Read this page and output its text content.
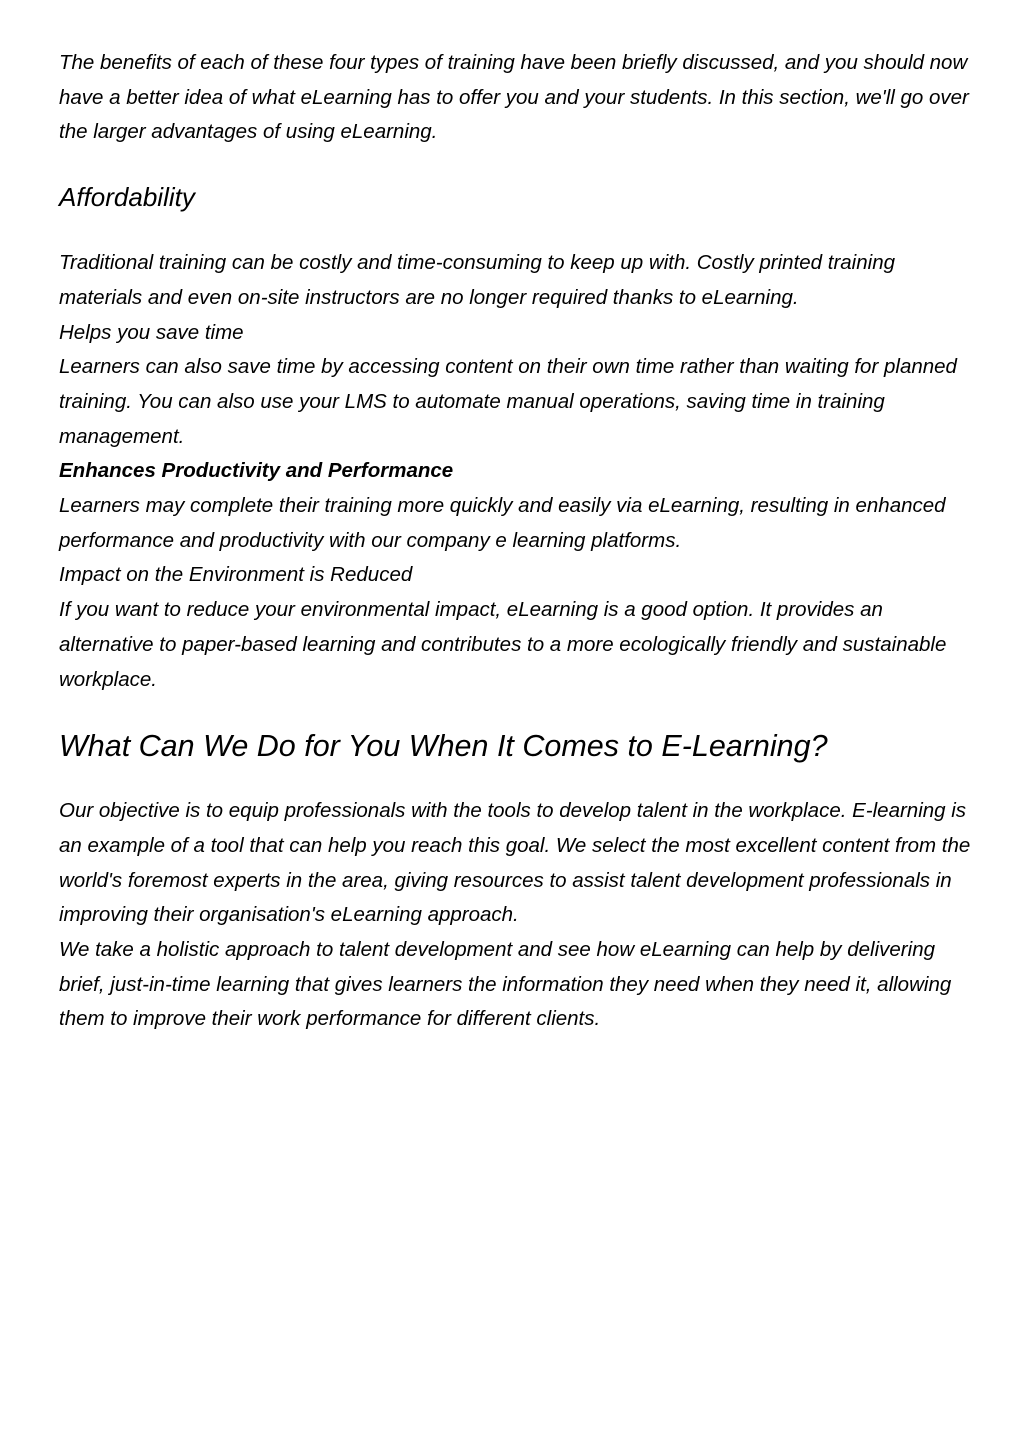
The benefits of each of these four types of training have been briefly discussed, and you should now have a better idea of what eLearning has to offer you and your students. In this section, we'll go over the larger advantages of using eLearning.

Affordability

Traditional training can be costly and time-consuming to keep up with. Costly printed training materials and even on-site instructors are no longer required thanks to eLearning.

Helps you save time

Learners can also save time by accessing content on their own time rather than waiting for planned training. You can also use your LMS to automate manual operations, saving time in training management.

Enhances Productivity and Performance

Learners may complete their training more quickly and easily via eLearning, resulting in enhanced performance and productivity with our company e learning platforms.

Impact on the Environment is Reduced

If you want to reduce your environmental impact, eLearning is a good option. It provides an alternative to paper-based learning and contributes to a more ecologically friendly and sustainable workplace.

What Can We Do for You When It Comes to E-Learning?

Our objective is to equip professionals with the tools to develop talent in the workplace. E-learning is an example of a tool that can help you reach this goal. We select the most excellent content from the world's foremost experts in the area, giving resources to assist talent development professionals in improving their organisation's eLearning approach.

We take a holistic approach to talent development and see how eLearning can help by delivering brief, just-in-time learning that gives learners the information they need when they need it, allowing them to improve their work performance for different clients.
